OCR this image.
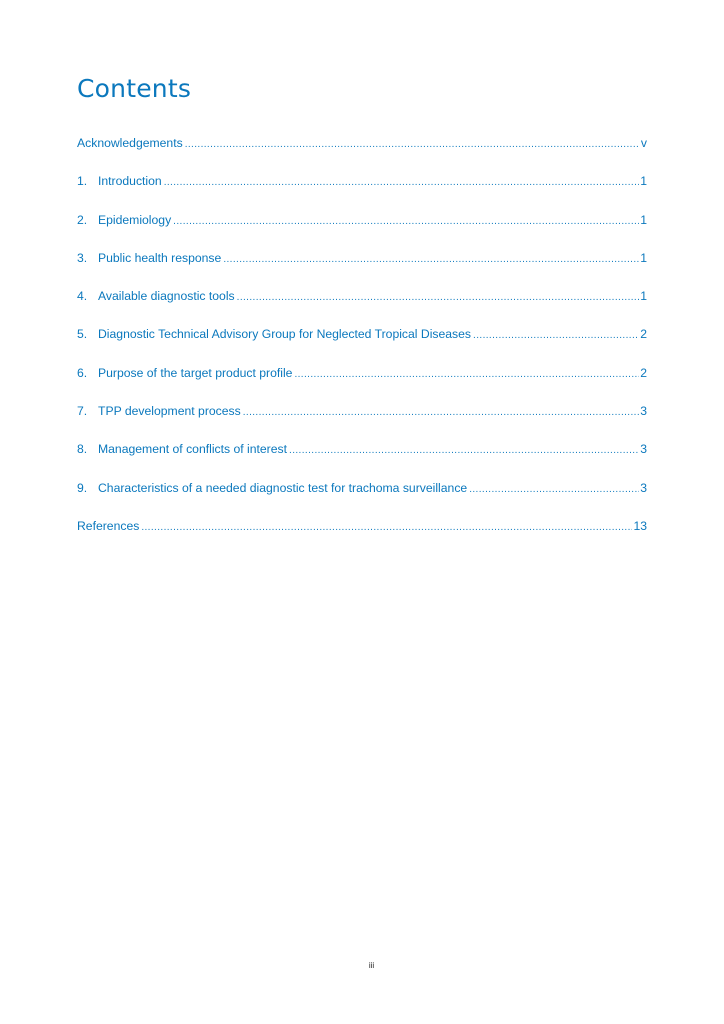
Contents
Acknowledgements .....	v
1. Introduction .....	1
2. Epidemiology .....	1
3. Public health response .....	1
4. Available diagnostic tools .....	1
5. Diagnostic Technical Advisory Group for Neglected Tropical Diseases .....	2
6. Purpose of the target product profile .....	2
7. TPP development process .....	3
8. Management of conflicts of interest .....	3
9. Characteristics of a needed diagnostic test for trachoma surveillance .....	3
References .....	13
iii
